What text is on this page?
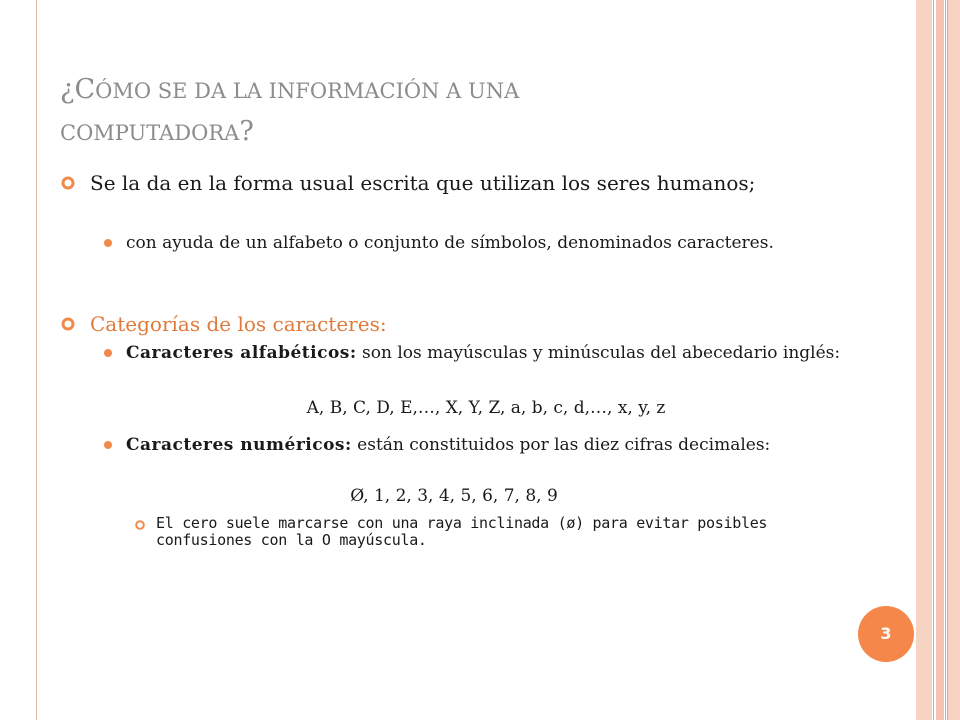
¿CÓMO SE DA LA INFORMACIÓN A UNA
COMPUTADORA?
Se la da en la forma usual escrita que utilizan los seres humanos;
con ayuda de un alfabeto o conjunto de símbolos, denominados caracteres.
Categorías de los caracteres:
Caracteres alfabéticos: son los mayúsculas y minúsculas del abecedario inglés:
A, B, C, D, E,…, X, Y, Z, a, b, c, d,…, x, y, z
Caracteres numéricos: están constituidos por las diez cifras decimales:
Ø, 1, 2, 3, 4, 5, 6, 7, 8, 9
El cero suele marcarse con una raya inclinada (ø) para evitar posibles confusiones con la O mayúscula.
3
